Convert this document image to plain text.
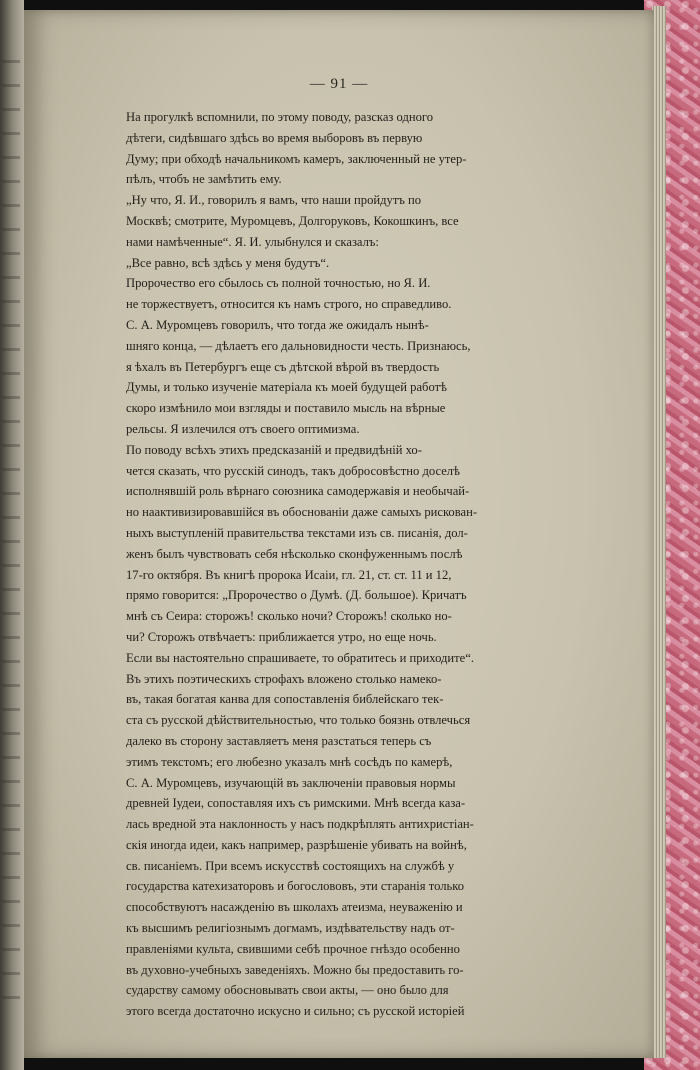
— 91 —

На прогулкѣ вспомнили, по этому поводу, разсказ одного
дѣтеги, сидѣвшаго здѣсь во время выборовъ въ первую
Думу; при обходѣ начальникомъ камеръ, заключенный не утер-
пѣлъ, чтобъ не замѣтить ему.

„Ну что, Я. И., говорилъ я вамъ, что наши пройдутъ по
Москвѣ; смотрите, Муромцевъ, Долгоруковъ, Кокошкинъ, все
нами намѣченные“. Я. И. улыбнулся и сказалъ:

„Все равно, всѣ здѣсь у меня будутъ“.

Пророчество его сбылось съ полной точностью, но Я. И.
не торжествуетъ, относится къ намъ строго, но справедливо.

С. А. Муромцевъ говорилъ, что тогда же ожидалъ нынѣ-
шняго конца, — дѣлаетъ его дальновидности честь. Признаюсь,
я ѣхалъ въ Петербургъ еще съ дѣтской вѣрой въ твердость
Думы, и только изученіе матеріала къ моей будущей работѣ
скоро измѣнило мои взгляды и поставило мысль на вѣрные
рельсы. Я излечился отъ своего оптимизма.

По поводу всѣхъ этихъ предсказаній и предвидѣній хо-
чется сказать, что русскій синодъ, такъ добросовѣстно доселѣ
исполнявшій роль вѣрнаго союзника самодержавія и необычай-
но наактивизировавшійся въ обоснованіи даже самыхъ рискован-
ныхъ выступленій правительства текстами изъ св. писанія, дол-
женъ былъ чувствовать себя нѣсколько сконфуженнымъ послѣ
17-го октября. Въ книгѣ пророка Исаіи, гл. 21, ст. ст. 11 и 12,
прямо говорится: „Пророчество о Думѣ. (Д. большое). Кричатъ
мнѣ съ Сеира: сторожъ! сколько ночи? Сторожъ! сколько но-
чи? Сторожъ отвѣчаетъ: приближается утро, но еще ночь.
Если вы настоятельно спрашиваете, то обратитесь и приходите“.

Въ этихъ поэтическихъ строфахъ вложено столько намеко-
въ, такая богатая канва для сопоставленія библейскаго тек-
ста съ русской дѣйствительностью, что только боязнь отвлечься
далеко въ сторону заставляетъ меня разстаться теперь съ
этимъ текстомъ; его любезно указалъ мнѣ сосѣдъ по камерѣ,
С. А. Муромцевъ, изучающій въ заключеніи правовыя нормы
древней Іудеи, сопоставляя ихъ съ римскими. Мнѣ всегда каза-
лась вредной эта наклонность у насъ подкрѣплять антихристіан-
скія иногда идеи, какъ например, разрѣшеніе убивать на войнѣ,
св. писаніемъ. При всемъ искусствѣ состоящихъ на службѣ у
государства катехизаторовъ и богослововъ, эти старанія только
способствуютъ насажденію въ школахъ атеизма, неуваженію и
къ высшимъ религіознымъ догмамъ, издѣвательству надъ от-
правленіями культа, свившими себѣ прочное гнѣздо особенно
въ духовно-учебныхъ заведеніяхъ. Можно бы предоставить го-
сударству самому обосновывать свои акты, — оно было для
этого всегда достаточно искусно и сильно; съ русской исторіей
